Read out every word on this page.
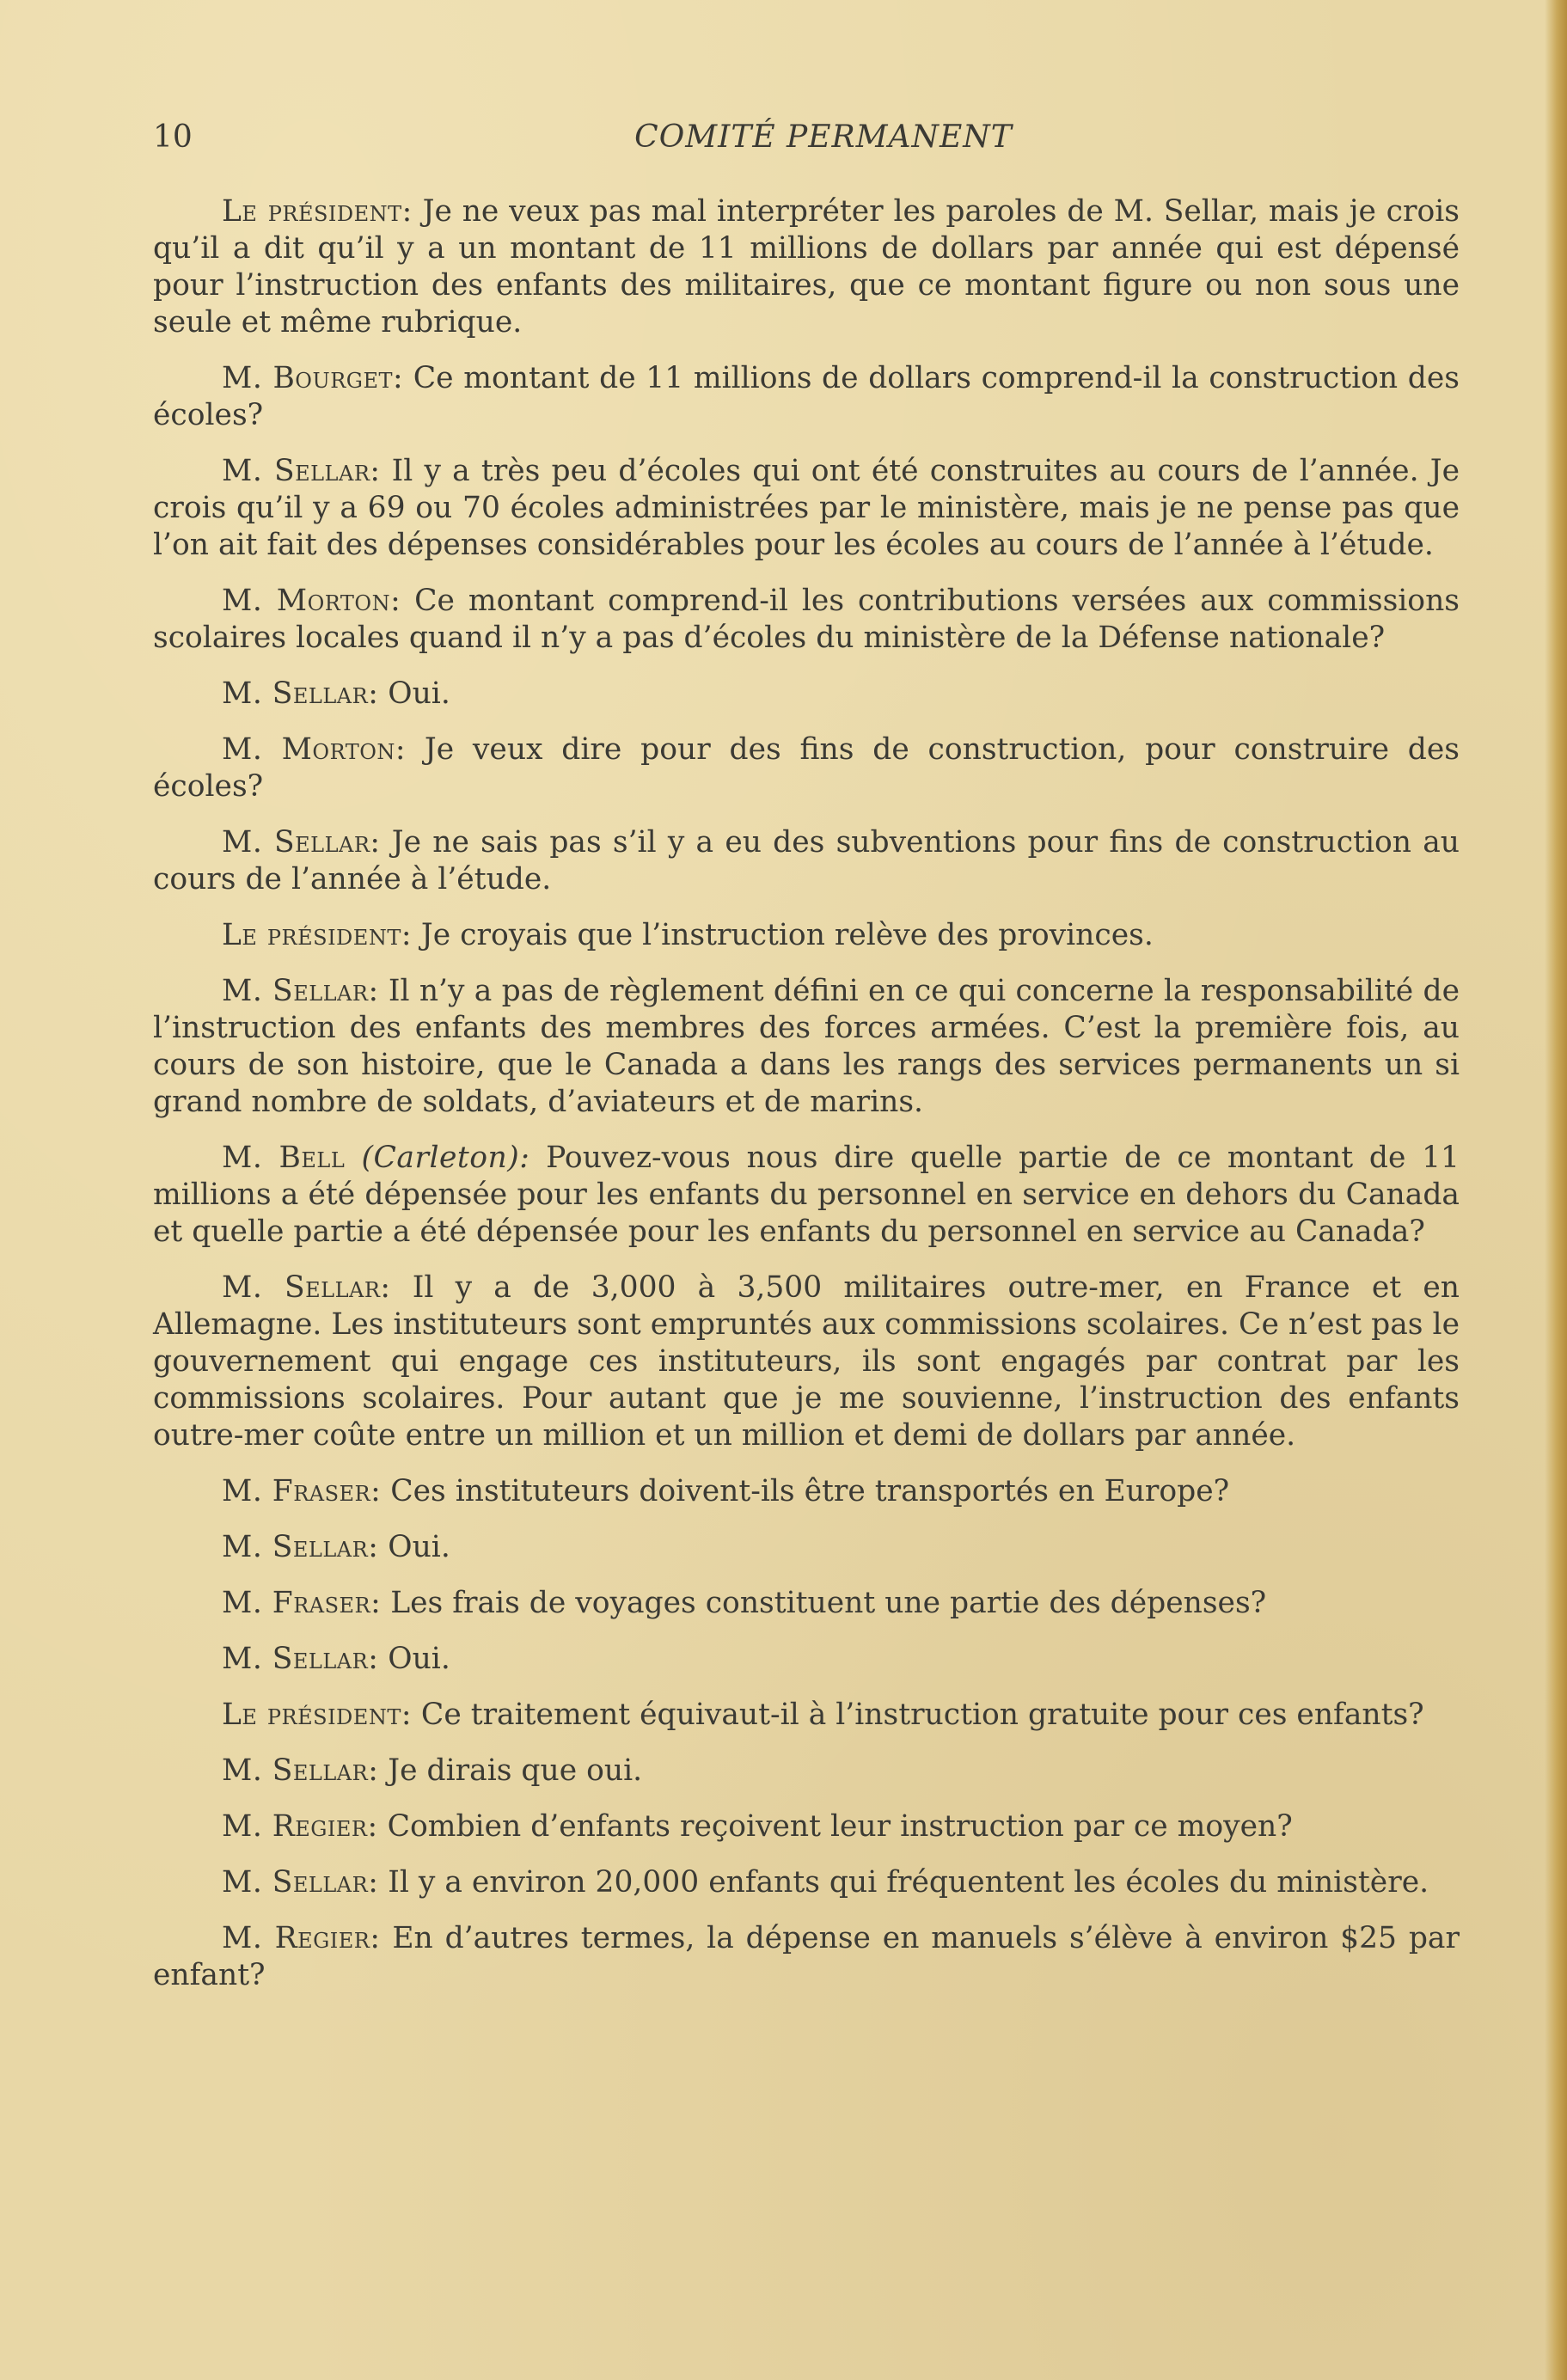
10	COMITÉ PERMANENT

Le président: Je ne veux pas mal interpréter les paroles de M. Sellar, mais je crois qu’il a dit qu’il y a un montant de 11 millions de dollars par année qui est dépensé pour l’instruction des enfants des militaires, que ce montant figure ou non sous une seule et même rubrique.

M. Bourget: Ce montant de 11 millions de dollars comprend-il la construction des écoles?

M. Sellar: Il y a très peu d’écoles qui ont été construites au cours de l’année. Je crois qu’il y a 69 ou 70 écoles administrées par le ministère, mais je ne pense pas que l’on ait fait des dépenses considérables pour les écoles au cours de l’année à l’étude.

M. Morton: Ce montant comprend-il les contributions versées aux commissions scolaires locales quand il n’y a pas d’écoles du ministère de la Défense nationale?

M. Sellar: Oui.

M. Morton: Je veux dire pour des fins de construction, pour construire des écoles?

M. Sellar: Je ne sais pas s’il y a eu des subventions pour fins de construction au cours de l’année à l’étude.

Le président: Je croyais que l’instruction relève des provinces.

M. Sellar: Il n’y a pas de règlement défini en ce qui concerne la responsabilité de l’instruction des enfants des membres des forces armées. C’est la première fois, au cours de son histoire, que le Canada a dans les rangs des services permanents un si grand nombre de soldats, d’aviateurs et de marins.

M. Bell (Carleton): Pouvez-vous nous dire quelle partie de ce montant de 11 millions a été dépensée pour les enfants du personnel en service en dehors du Canada et quelle partie a été dépensée pour les enfants du personnel en service au Canada?

M. Sellar: Il y a de 3,000 à 3,500 militaires outre-mer, en France et en Allemagne. Les instituteurs sont empruntés aux commissions scolaires. Ce n’est pas le gouvernement qui engage ces instituteurs, ils sont engagés par contrat par les commissions scolaires. Pour autant que je me souvienne, l’instruction des enfants outre-mer coûte entre un million et un million et demi de dollars par année.

M. Fraser: Ces instituteurs doivent-ils être transportés en Europe?

M. Sellar: Oui.

M. Fraser: Les frais de voyages constituent une partie des dépenses?

M. Sellar: Oui.

Le président: Ce traitement équivaut-il à l’instruction gratuite pour ces enfants?

M. Sellar: Je dirais que oui.

M. Regier: Combien d’enfants reçoivent leur instruction par ce moyen?

M. Sellar: Il y a environ 20,000 enfants qui fréquentent les écoles du ministère.

M. Regier: En d’autres termes, la dépense en manuels s’élève à environ $25 par enfant?
